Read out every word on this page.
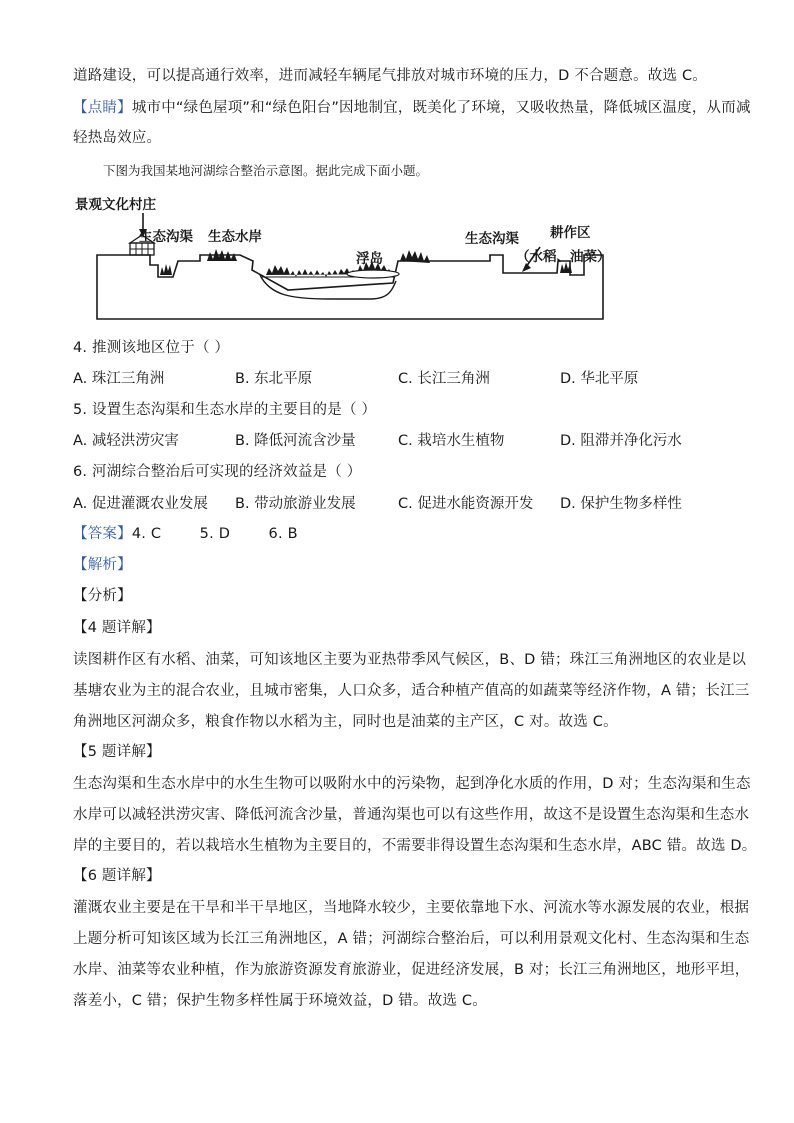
道路建设，可以提高通行效率，进而减轻车辆尾气排放对城市环境的压力，D 不合题意。故选 C。
【点睛】城市中“绿色屋项”和“绿色阳台”因地制宜，既美化了环境，又吸收热量，降低城区温度，从而减
轻热岛效应。
下图为我国某地河湖综合整治示意图。据此完成下面小题。
景观文化村庄
生态沟渠 生态水岸
浮岛
生态沟渠 耕作区
（水稻、油菜）
4. 推测该地区位于（ ）
A. 珠江三角洲	B. 东北平原	C. 长江三角洲	D. 华北平原
5. 设置生态沟渠和生态水岸的主要目的是（ ）
A. 减轻洪涝灾害	B. 降低河流含沙量	C. 栽培水生植物	D. 阻滞并净化污水
6. 河湖综合整治后可实现的经济效益是（ ）
A. 促进灌溉农业发展 B. 带动旅游业发展	C. 促进水能资源开发 D. 保护生物多样性
【答案】4. C        5. D        6. B
【解析】
【分析】
【4 题详解】
读图耕作区有水稻、油菜，可知该地区主要为亚热带季风气候区，B、D 错；珠江三角洲地区的农业是以
基塘农业为主的混合农业，且城市密集，人口众多，适合种植产值高的如蔬菜等经济作物，A 错；长江三
角洲地区河湖众多，粮食作物以水稻为主，同时也是油菜的主产区，C 对。故选 C。
【5 题详解】
生态沟渠和生态水岸中的水生生物可以吸附水中的污染物，起到净化水质的作用，D 对；生态沟渠和生态
水岸可以减轻洪涝灾害、降低河流含沙量，普通沟渠也可以有这些作用，故这不是设置生态沟渠和生态水
岸的主要目的，若以栽培水生植物为主要目的，不需要非得设置生态沟渠和生态水岸，ABC 错。故选 D。
【6 题详解】
灌溉农业主要是在干旱和半干旱地区，当地降水较少，主要依靠地下水、河流水等水源发展的农业，根据
上题分析可知该区域为长江三角洲地区，A 错；河湖综合整治后，可以利用景观文化村、生态沟渠和生态
水岸、油菜等农业种植，作为旅游资源发育旅游业，促进经济发展，B 对；长江三角洲地区，地形平坦，
落差小，C 错；保护生物多样性属于环境效益，D 错。故选 C。
